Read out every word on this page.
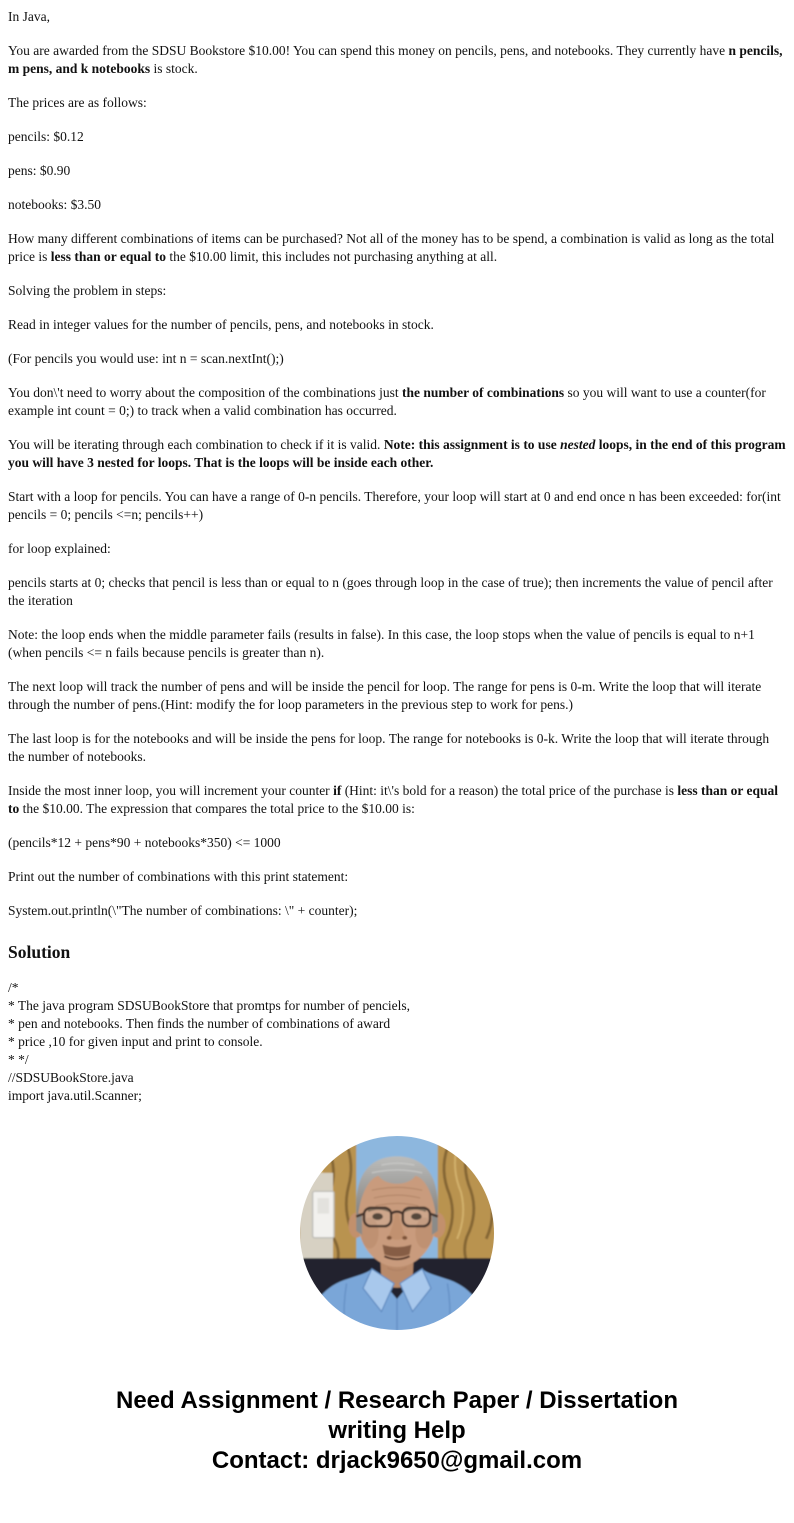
In Java,

You are awarded from the SDSU Bookstore $10.00! You can spend this money on pencils, pens, and notebooks. They currently have n pencils, m pens, and k notebooks is stock.

The prices are as follows:

pencils: $0.12

pens: $0.90

notebooks: $3.50

How many different combinations of items can be purchased? Not all of the money has to be spend, a combination is valid as long as the total price is less than or equal to the $10.00 limit, this includes not purchasing anything at all.

Solving the problem in steps:

Read in integer values for the number of pencils, pens, and notebooks in stock.

(For pencils you would use: int n = scan.nextInt();)

You don\'t need to worry about the composition of the combinations just the number of combinations so you will want to use a counter(for example int count = 0;) to track when a valid combination has occurred.

You will be iterating through each combination to check if it is valid. Note: this assignment is to use nested loops, in the end of this program you will have 3 nested for loops. That is the loops will be inside each other.

Start with a loop for pencils. You can have a range of 0-n pencils. Therefore, your loop will start at 0 and end once n has been exceeded: for(int pencils = 0; pencils <=n; pencils++)

for loop explained:

pencils starts at 0; checks that pencil is less than or equal to n (goes through loop in the case of true); then increments the value of pencil after the iteration

Note: the loop ends when the middle parameter fails (results in false). In this case, the loop stops when the value of pencils is equal to n+1 (when pencils <= n fails because pencils is greater than n).

The next loop will track the number of pens and will be inside the pencil for loop. The range for pens is 0-m. Write the loop that will iterate through the number of pens.(Hint: modify the for loop parameters in the previous step to work for pens.)

The last loop is for the notebooks and will be inside the pens for loop. The range for notebooks is 0-k. Write the loop that will iterate through the number of notebooks.

Inside the most inner loop, you will increment your counter if (Hint: it\'s bold for a reason) the total price of the purchase is less than or equal to the $10.00. The expression that compares the total price to the $10.00 is:

(pencils*12 + pens*90 + notebooks*350) <= 1000

Print out the number of combinations with this print statement:

System.out.println(\"The number of combinations: \" + counter);

Solution
/*
* The java program SDSUBookStore that promtps for number of penciels,
* pen and notebooks. Then finds the number of combinations of award
* price ,10 for given input and print to console.
* */
//SDSUBookStore.java
import java.util.Scanner;
Need Assignment / Research Paper / Dissertation
writing Help
Contact: drjack9650@gmail.com
